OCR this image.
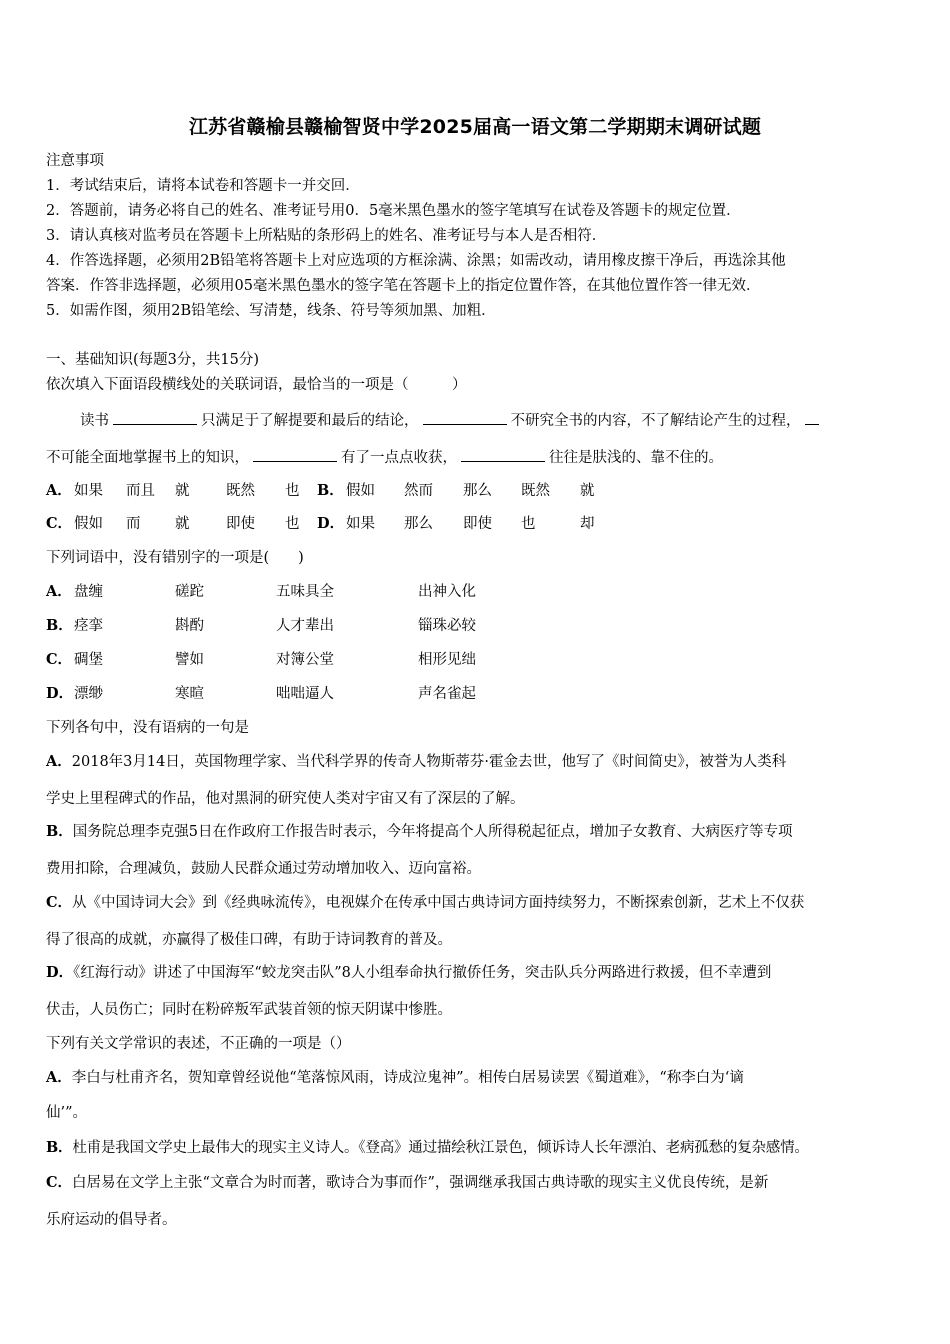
江苏省赣榆县赣榆智贤中学2025届高一语文第二学期期末调研试题
注意事项
1．考试结束后，请将本试卷和答题卡一并交回．
2．答题前，请务必将自己的姓名、准考证号用0．5毫米黑色墨水的签字笔填写在试卷及答题卡的规定位置．
3．请认真核对监考员在答题卡上所粘贴的条形码上的姓名、准考证号与本人是否相符．
4．作答选择题，必须用2B铅笔将答题卡上对应选项的方框涂满、涂黑；如需改动，请用橡皮擦干净后，再选涂其他
答案．作答非选择题，必须用05毫米黑色墨水的签字笔在答题卡上的指定位置作答，在其他位置作答一律无效．
5．如需作图，须用2B铅笔绘、写清楚，线条、符号等须加黑、加粗．
一、基础知识(每题3分，共15分)
依次填入下面语段横线处的关联词语，最恰当的一项是（　　　）
读书	只满足于了解提要和最后的结论，	不研究全书的内容，不了解结论产生的过程，
不可能全面地掌握书上的知识，	有了一点点收获，	往往是肤浅的、靠不住的。
A． 如果 而且 就	既然 也 B． 假如 然而 那么 既然 就
C． 假如 而 就	即使 也 D． 如果 那么 即使 也	却
下列词语中，没有错别字的一项是(　　)
A． 盘缠	磋跎	五味具全	出神入化
B． 痉挛	斟酌	人才辈出	锱珠必较
C． 碉堡	譬如	对簿公堂	相形见绌
D． 漂缈	寒暄	咄咄逼人	声名雀起
下列各句中，没有语病的一句是
A．2018年3月14日，英国物理学家、当代科学界的传奇人物斯蒂芬·霍金去世，他写了《时间简史》，被誉为人类科
学史上里程碑式的作品，他对黑洞的研究使人类对宇宙又有了深层的了解。
B．国务院总理李克强5日在作政府工作报告时表示，今年将提高个人所得税起征点，增加子女教育、大病医疗等专项
费用扣除，合理减负，鼓励人民群众通过劳动增加收入、迈向富裕。
C．从《中国诗词大会》到《经典咏流传》，电视媒介在传承中国古典诗词方面持续努力，不断探索创新，艺术上不仅获
得了很高的成就，亦赢得了极佳口碑，有助于诗词教育的普及。
D．《红海行动》讲述了中国海军“蛟龙突击队”8人小组奉命执行撤侨任务，突击队兵分两路进行救援，但不幸遭到
伏击，人员伤亡；同时在粉碎叛军武装首领的惊天阴谋中惨胜。
下列有关文学常识的表述，不正确的一项是（）
A．李白与杜甫齐名，贺知章曾经说他“笔落惊风雨，诗成泣鬼神”。相传白居易读罢《蜀道难》，“称李白为‘谪
仙’”。
B．杜甫是我国文学史上最伟大的现实主义诗人。《登高》通过描绘秋江景色，倾诉诗人长年漂泊、老病孤愁的复杂感情。
C．白居易在文学上主张“文章合为时而著，歌诗合为事而作”，强调继承我国古典诗歌的现实主义优良传统，是新
乐府运动的倡导者。
